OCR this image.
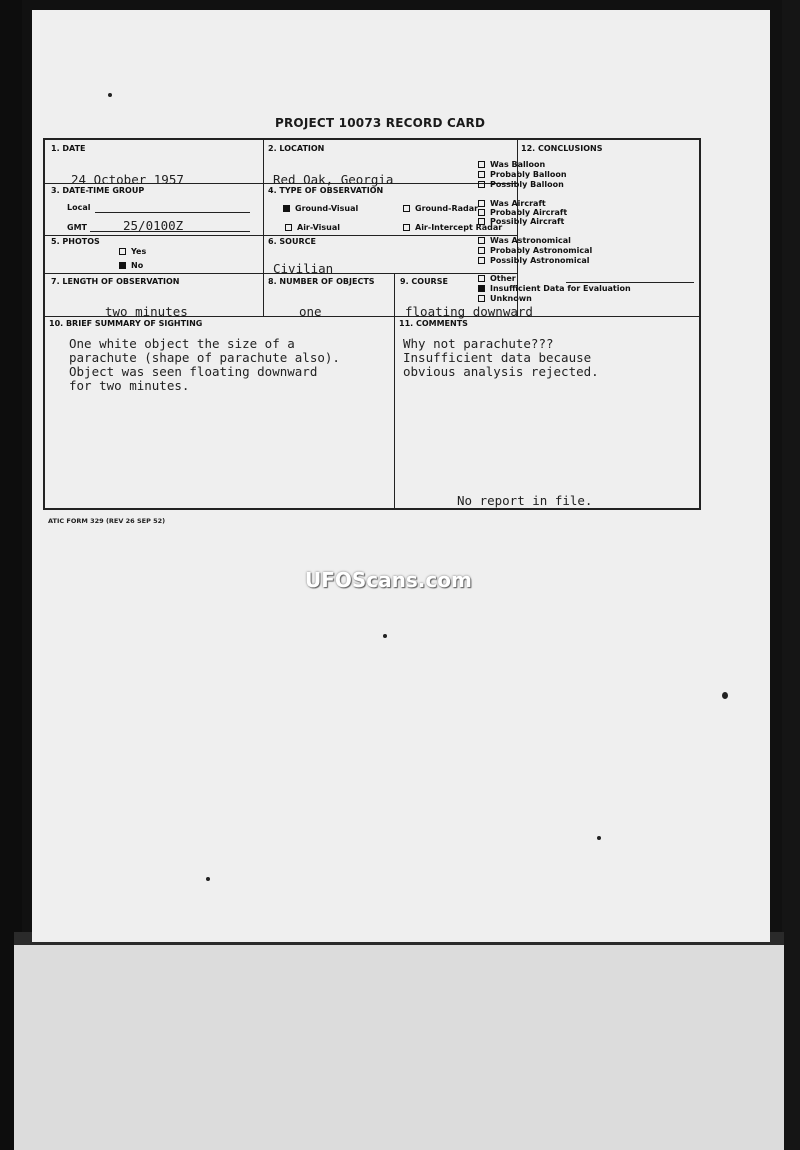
PROJECT 10073 RECORD CARD
1. DATE
24 October 1957
2. LOCATION
Red Oak, Georgia
3. DATE-TIME GROUP
Local
GMT	25/0100Z
4. TYPE OF OBSERVATION
Ground-Visual	Ground-Radar
Air-Visual	Air-Intercept Radar
5. PHOTOS
Yes
No
6. SOURCE
Civilian
7. LENGTH OF OBSERVATION
two minutes
8. NUMBER OF OBJECTS
one
9. COURSE
floating downward
10. BRIEF SUMMARY OF SIGHTING
One white object the size of a
parachute (shape of parachute also).
Object was seen floating downward
for two minutes.
11. COMMENTS
Why not parachute???
Insufficient data because
obvious analysis rejected.
No report in file.
12. CONCLUSIONS
Was Balloon
Probably Balloon
Possibly Balloon
Was Aircraft
Probably Aircraft
Possibly Aircraft
Was Astronomical
Probably Astronomical
Possibly Astronomical
Other
Insufficient Data for Evaluation
Unknown
ATIC FORM 329 (REV 26 SEP 52)
UFOScans.com
